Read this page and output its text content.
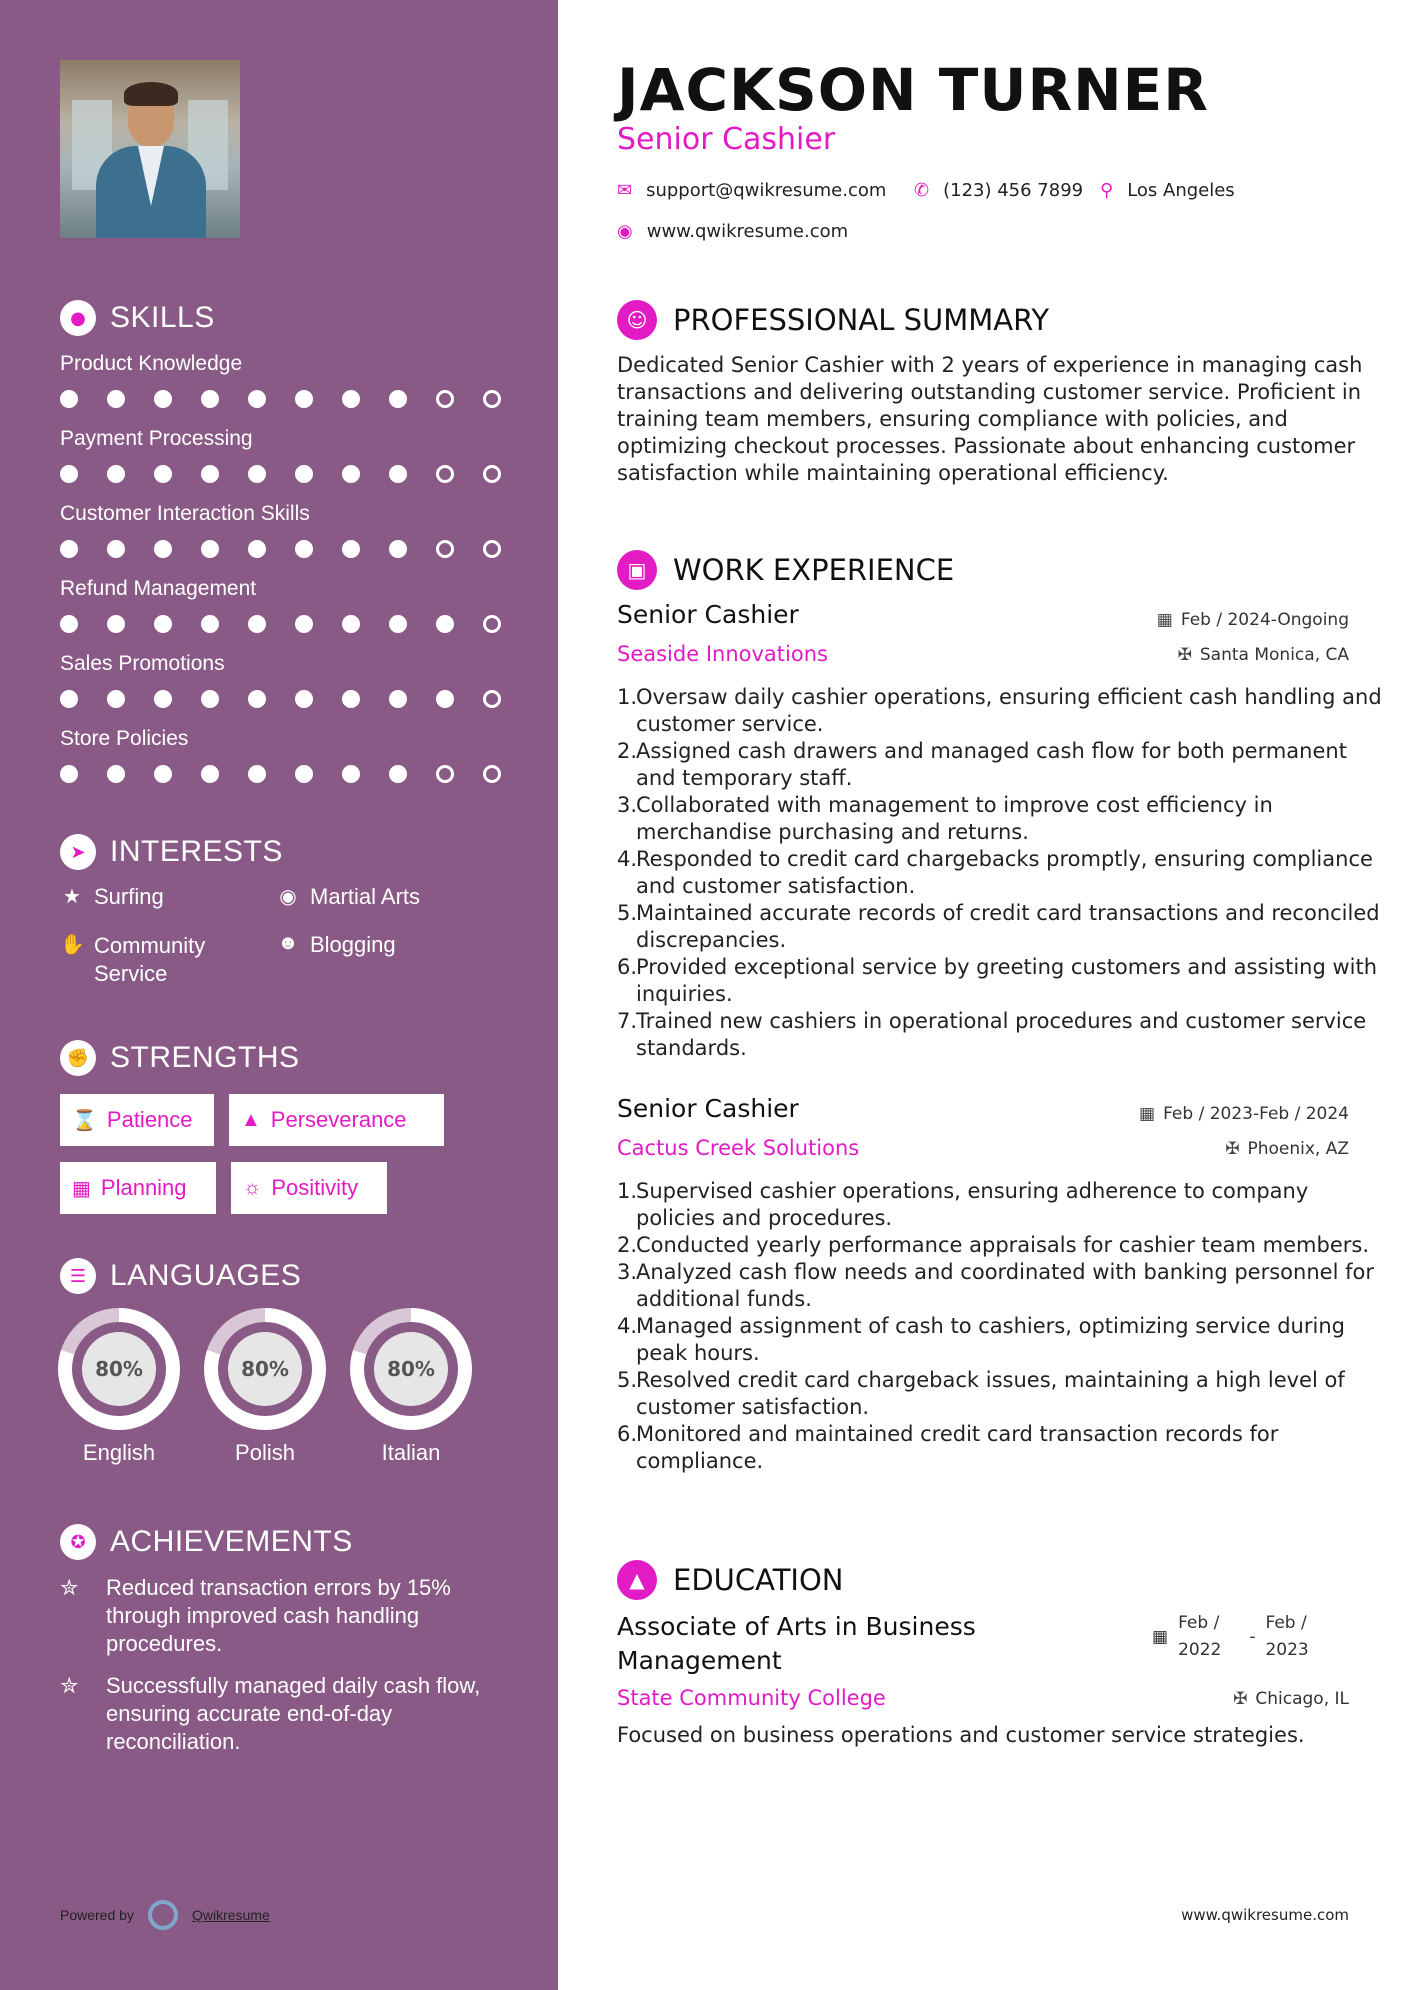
● SKILLS
Product Knowledge
Payment Processing
Customer Interaction Skills
Refund Management
Sales Promotions
Store Policies
➤ INTERESTS
★ Surfing	◉ Martial Arts
✋ Community Service
☻ Blogging
✊ STRENGTHS
⌛ Patience ▲ Perseverance
▦ Planning	☼ Positivity
☰ LANGUAGES
80%
English
80%
Polish
80%
Italian
✪ ACHIEVEMENTS
✮	Reduced transaction errors by 15% through improved cash handling procedures.
✮	Successfully managed daily cash flow, ensuring accurate end-of-day reconciliation.
Powered by	Qwikresume
JACKSON TURNER
Senior Cashier
✉ support@qwikresume.com ✆ (123) 456 7899 ⚲ Los Angeles
◉ www.qwikresume.com
☺ PROFESSIONAL SUMMARY
Dedicated Senior Cashier with 2 years of experience in managing cash transactions and delivering outstanding customer service. Proficient in training team members, ensuring compliance with policies, and optimizing checkout processes. Passionate about enhancing customer satisfaction while maintaining operational efficiency.
▣ WORK EXPERIENCE
Senior Cashier	▦ Feb / 2024-Ongoing
Seaside Innovations	✠ Santa Monica, CA
1.
Oversaw daily cashier operations, ensuring efficient cash handling and customer service.
2.
Assigned cash drawers and managed cash flow for both permanent and temporary staff.
3.
Collaborated with management to improve cost efficiency in merchandise purchasing and returns.
4.
Responded to credit card chargebacks promptly, ensuring compliance and customer satisfaction.
5.
Maintained accurate records of credit card transactions and reconciled discrepancies.
6.
Provided exceptional service by greeting customers and assisting with inquiries.
7.
Trained new cashiers in operational procedures and customer service standards.
Senior Cashier	▦ Feb / 2023-Feb / 2024
Cactus Creek Solutions	✠ Phoenix, AZ
1.
Supervised cashier operations, ensuring adherence to company policies and procedures.
2.
Conducted yearly performance appraisals for cashier team members.
3.
Analyzed cash flow needs and coordinated with banking personnel for additional funds.
4.
Managed assignment of cash to cashiers, optimizing service during peak hours.
5.
Resolved credit card chargeback issues, maintaining a high level of customer satisfaction.
6.
Monitored and maintained credit card transaction records for compliance.
▲ EDUCATION
Associate of Arts in Business
Management
▦
Feb /
2022
-
Feb /
2023
State Community College	✠ Chicago, IL
Focused on business operations and customer service strategies.
www.qwikresume.com
